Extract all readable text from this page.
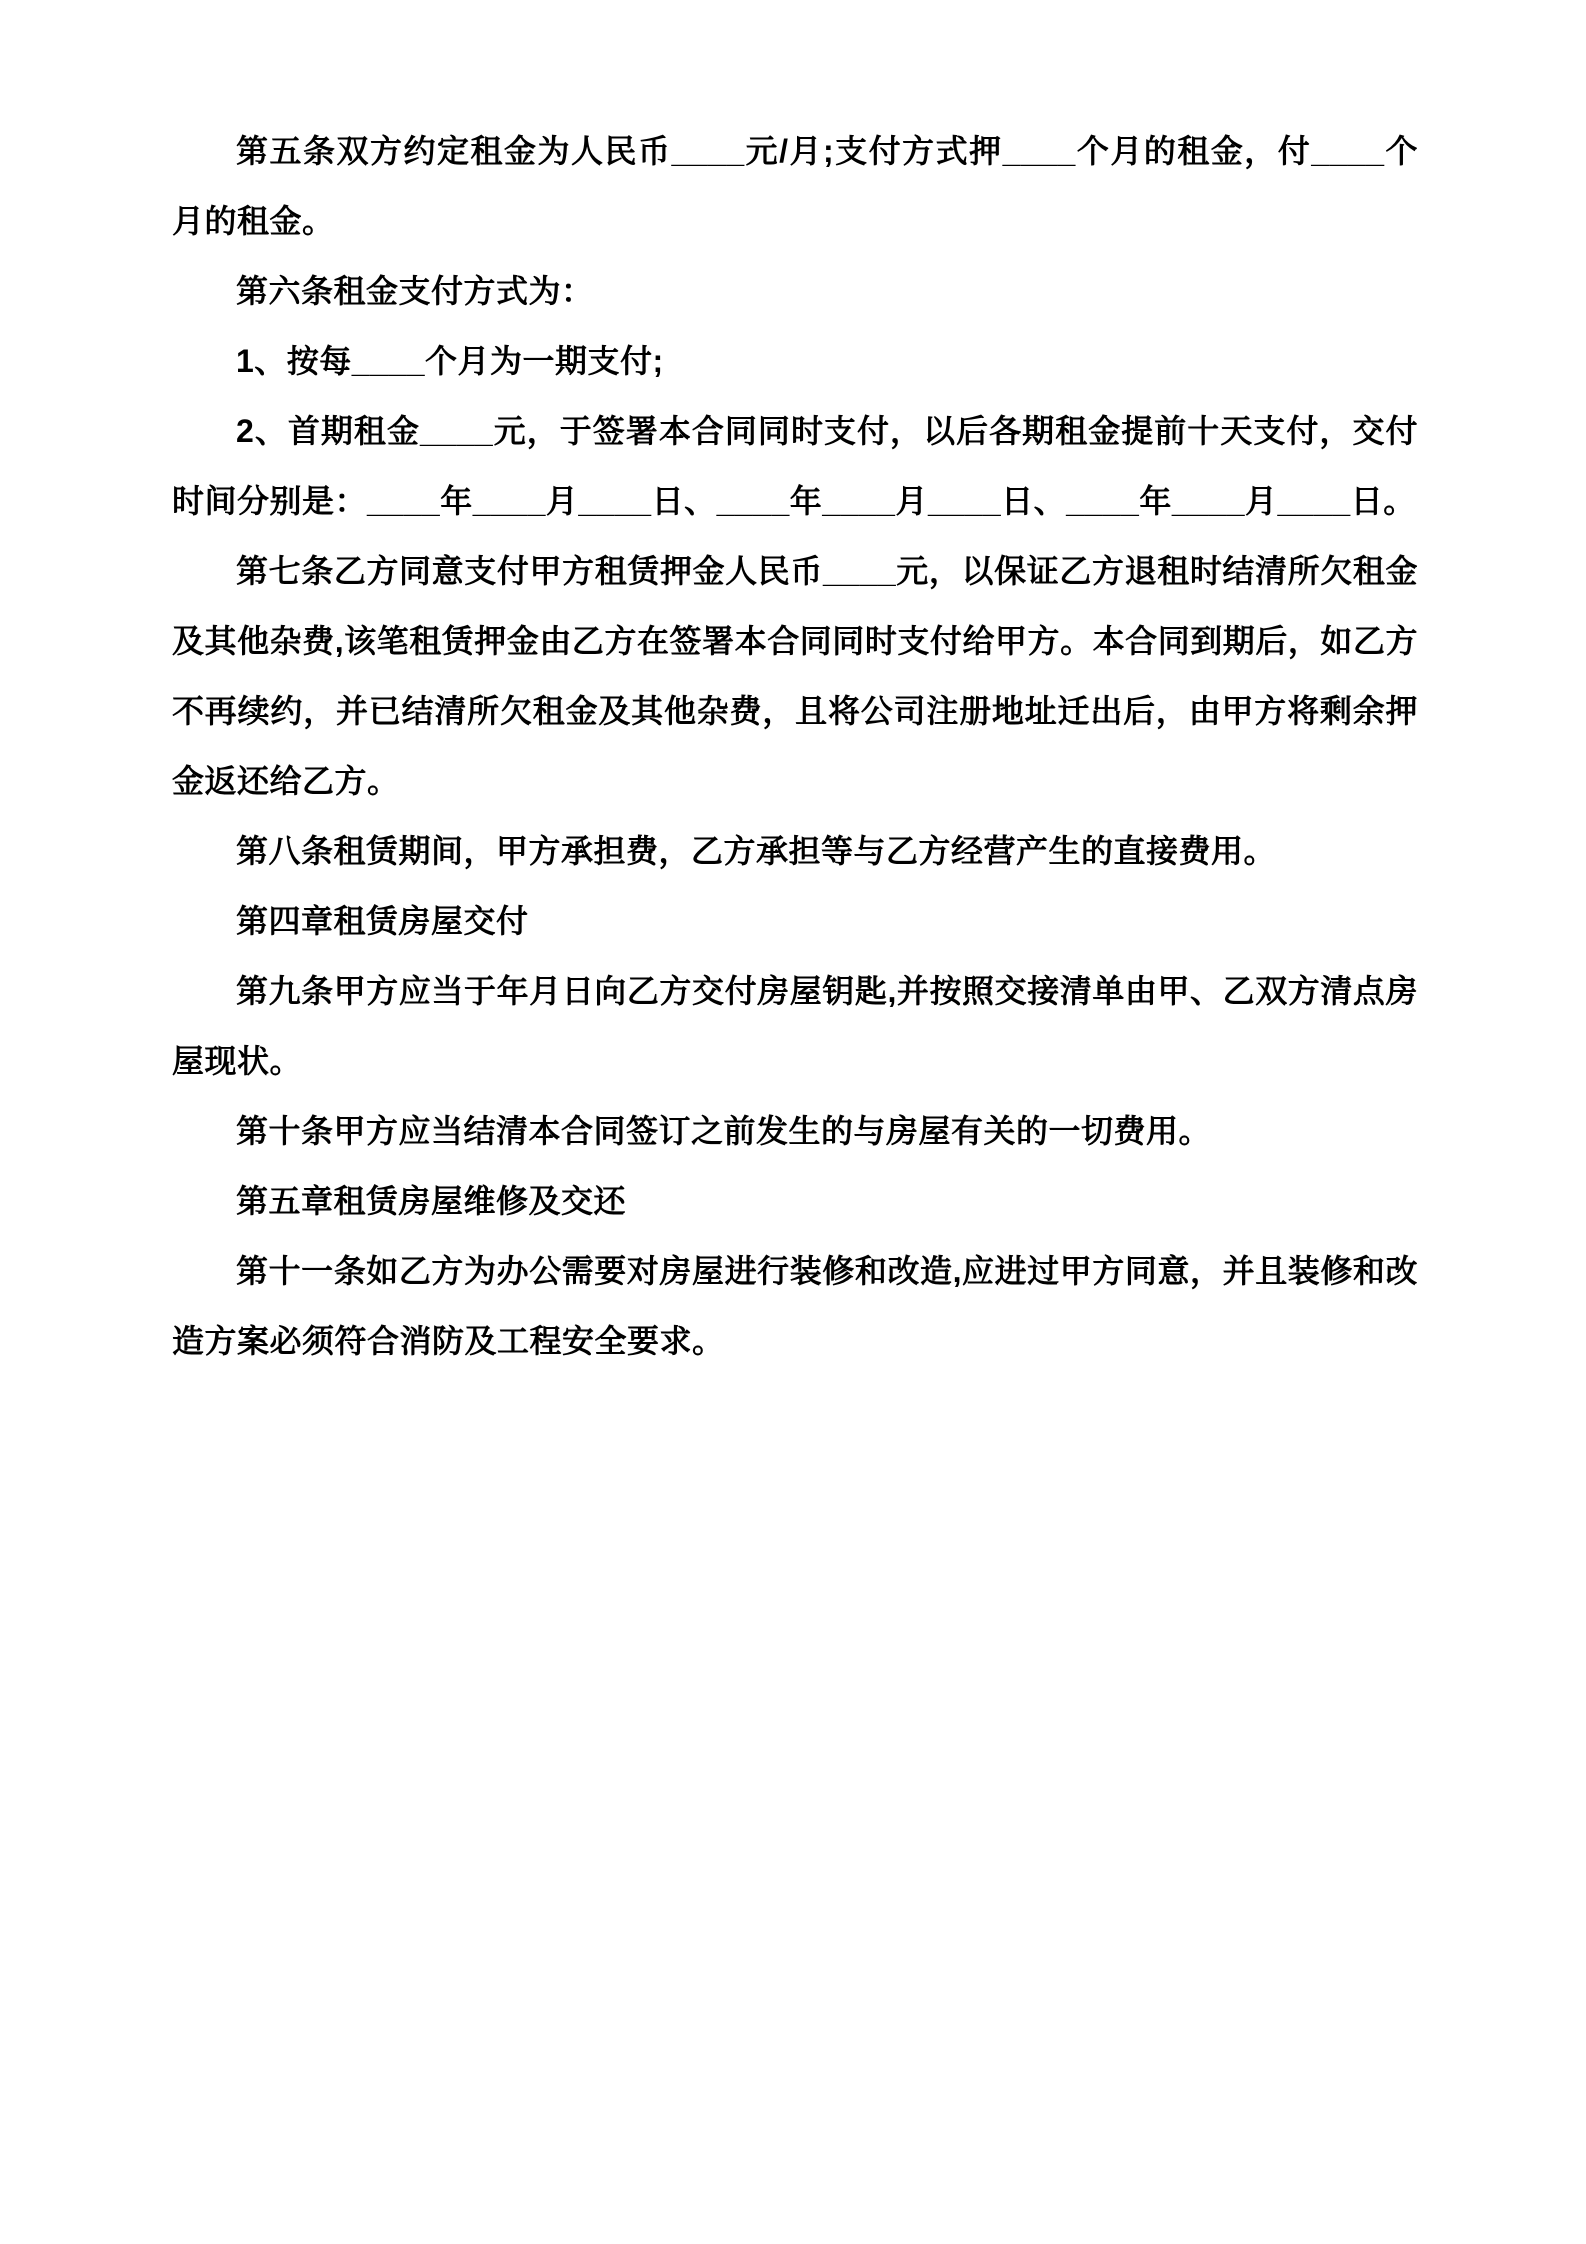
第五条双方约定租金为人民币____元/月;支付方式押____个月的租金，付____个月的租金。

第六条租金支付方式为：

1、按每____个月为一期支付;

2、首期租金____元，于签署本合同同时支付，以后各期租金提前十天支付，交付时间分别是：____年____月____日、____年____月____日、____年____月____日。

第七条乙方同意支付甲方租赁押金人民币____元，以保证乙方退租时结清所欠租金及其他杂费,该笔租赁押金由乙方在签署本合同同时支付给甲方。本合同到期后，如乙方不再续约，并已结清所欠租金及其他杂费，且将公司注册地址迁出后，由甲方将剩余押金返还给乙方。

第八条租赁期间，甲方承担费，乙方承担等与乙方经营产生的直接费用。

第四章租赁房屋交付

第九条甲方应当于年月日向乙方交付房屋钥匙,并按照交接清单由甲、乙双方清点房屋现状。

第十条甲方应当结清本合同签订之前发生的与房屋有关的一切费用。

第五章租赁房屋维修及交还

第十一条如乙方为办公需要对房屋进行装修和改造,应进过甲方同意，并且装修和改造方案必须符合消防及工程安全要求。
